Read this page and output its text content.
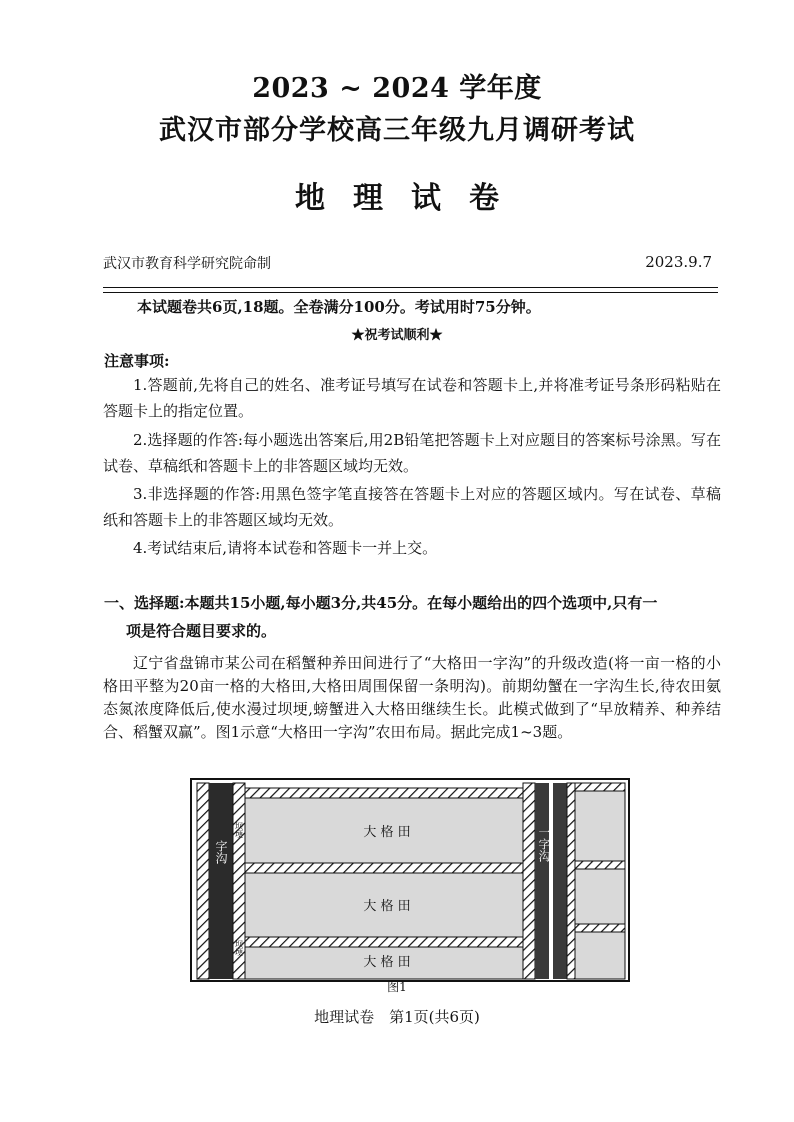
2023 ~ 2024 学年度
武汉市部分学校高三年级九月调研考试
地理试卷
武汉市教育科学研究院命制	2023.9.7
本试题卷共6页,18题。全卷满分100分。考试用时75分钟。
★祝考试顺利★
注意事项:
1.答题前,先将自己的姓名、准考证号填写在试卷和答题卡上,并将准考证号条形码粘贴在答题卡上的指定位置。
2.选择题的作答:每小题选出答案后,用2B铅笔把答题卡上对应题目的答案标号涂黑。写在试卷、草稿纸和答题卡上的非答题区域均无效。
3.非选择题的作答:用黑色签字笔直接答在答题卡上对应的答题区域内。写在试卷、草稿纸和答题卡上的非答题区域均无效。
4.考试结束后,请将本试卷和答题卡一并上交。
一、选择题:本题共15小题,每小题3分,共45分。在每小题给出的四个选项中,只有一
项是符合题目要求的。
辽宁省盘锦市某公司在稻蟹种养田间进行了“大格田一字沟”的升级改造(将一亩一格的小格田平整为20亩一格的大格田,大格田周围保留一条明沟)。前期幼蟹在一字沟生长,待农田氨态氮浓度降低后,使水漫过坝埂,螃蟹进入大格田继续生长。此模式做到了“早放精养、种养结合、稻蟹双赢”。图1示意“大格田一字沟”农田布局。据此完成1~3题。
大 格 田
大 格 田
大 格 田
一字沟
字沟
坝埂
坝埂
图1
地理试卷　第1页(共6页)
